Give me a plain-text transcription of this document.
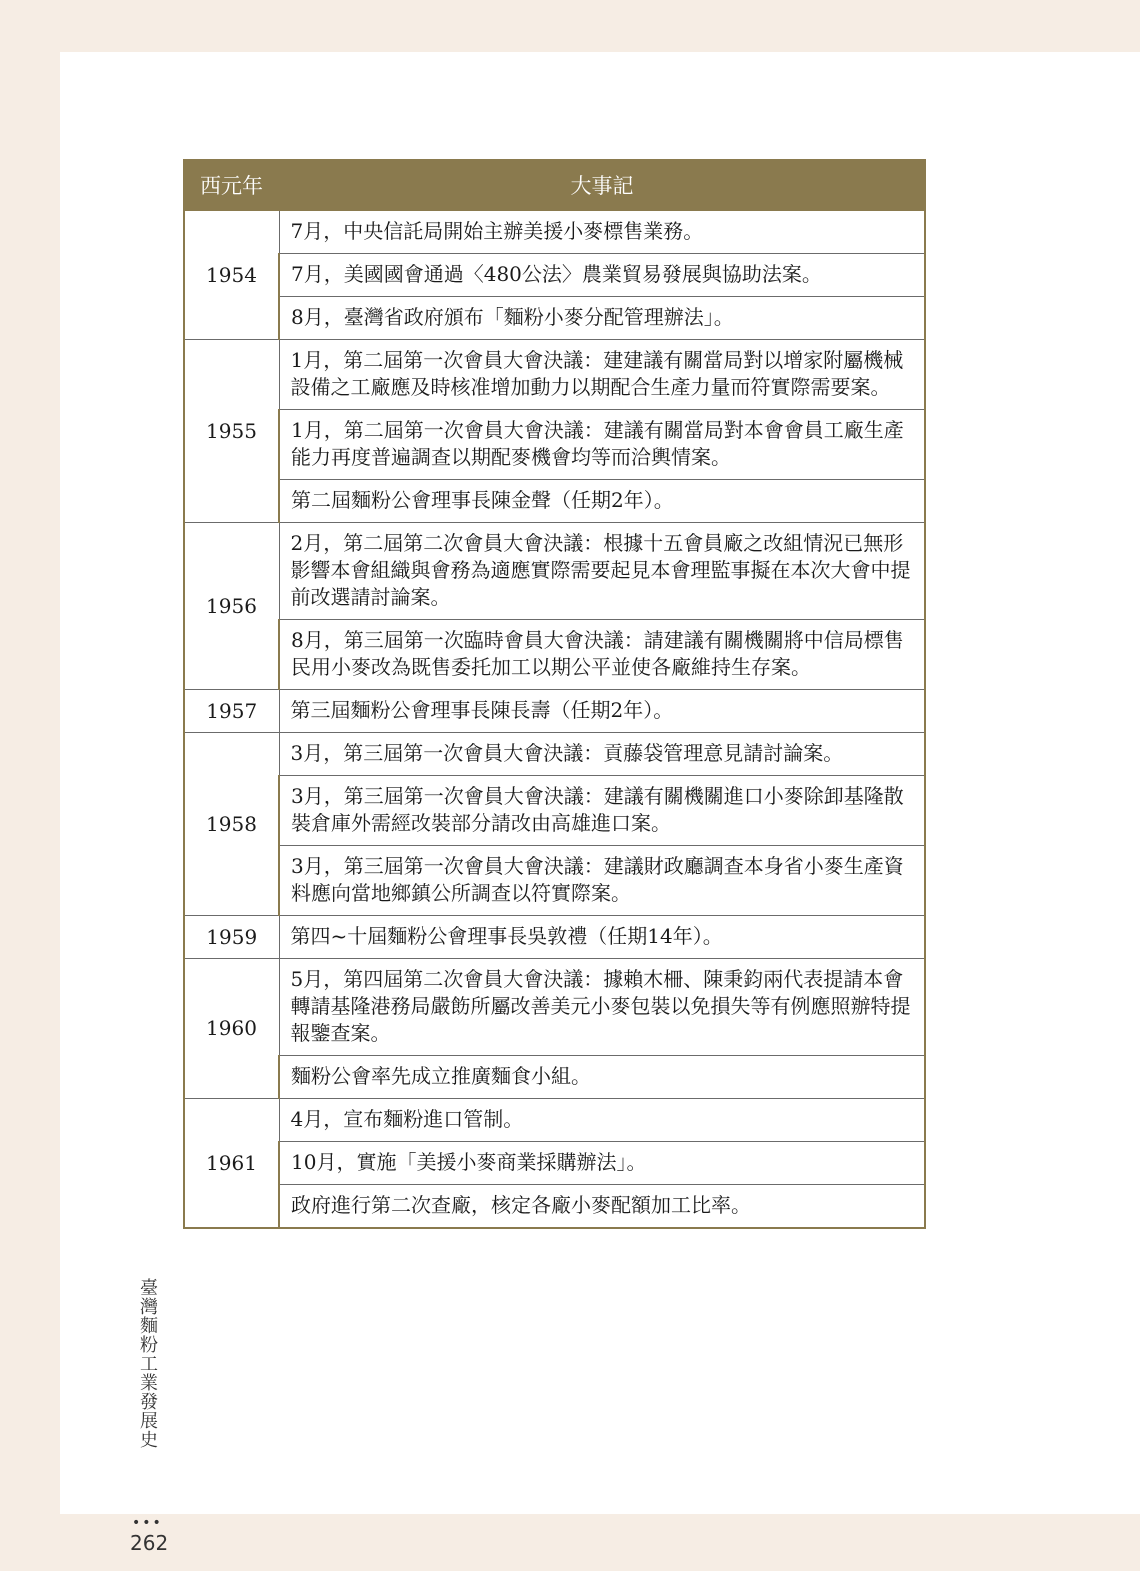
西元年	大事記
1954	7月，中央信託局開始主辦美援小麥標售業務。
	7月，美國國會通過〈480公法〉農業貿易發展與協助法案。
	8月，臺灣省政府頒布「麵粉小麥分配管理辦法」。
1955	1月，第二屆第一次會員大會決議：建建議有關當局對以增家附屬機械設備之工廠應及時核准增加動力以期配合生產力量而符實際需要案。
	1月，第二屆第一次會員大會決議：建議有關當局對本會會員工廠生產能力再度普遍調查以期配麥機會均等而洽輿情案。
	第二屆麵粉公會理事長陳金聲（任期2年）。
1956	2月，第二屆第二次會員大會決議：根據十五會員廠之改組情況已無形影響本會組織與會務為適應實際需要起見本會理監事擬在本次大會中提前改選請討論案。
	8月，第三屆第一次臨時會員大會決議：請建議有關機關將中信局標售民用小麥改為既售委托加工以期公平並使各廠維持生存案。
1957	第三屆麵粉公會理事長陳長壽（任期2年）。
1958	3月，第三屆第一次會員大會決議：貢藤袋管理意見請討論案。
	3月，第三屆第一次會員大會決議：建議有關機關進口小麥除卸基隆散裝倉庫外需經改裝部分請改由高雄進口案。
	3月，第三屆第一次會員大會決議：建議財政廳調查本身省小麥生產資料應向當地鄉鎮公所調查以符實際案。
1959	第四~十屆麵粉公會理事長吳敦禮（任期14年）。
1960	5月，第四屆第二次會員大會決議：據賴木柵、陳秉鈞兩代表提請本會轉請基隆港務局嚴飭所屬改善美元小麥包裝以免損失等有例應照辦特提報鑒查案。
	麵粉公會率先成立推廣麵食小組。
1961	4月，宣布麵粉進口管制。
	10月，實施「美援小麥商業採購辦法」。
	政府進行第二次查廠，核定各廠小麥配額加工比率。
臺灣麵粉工業發展史
•••
262
